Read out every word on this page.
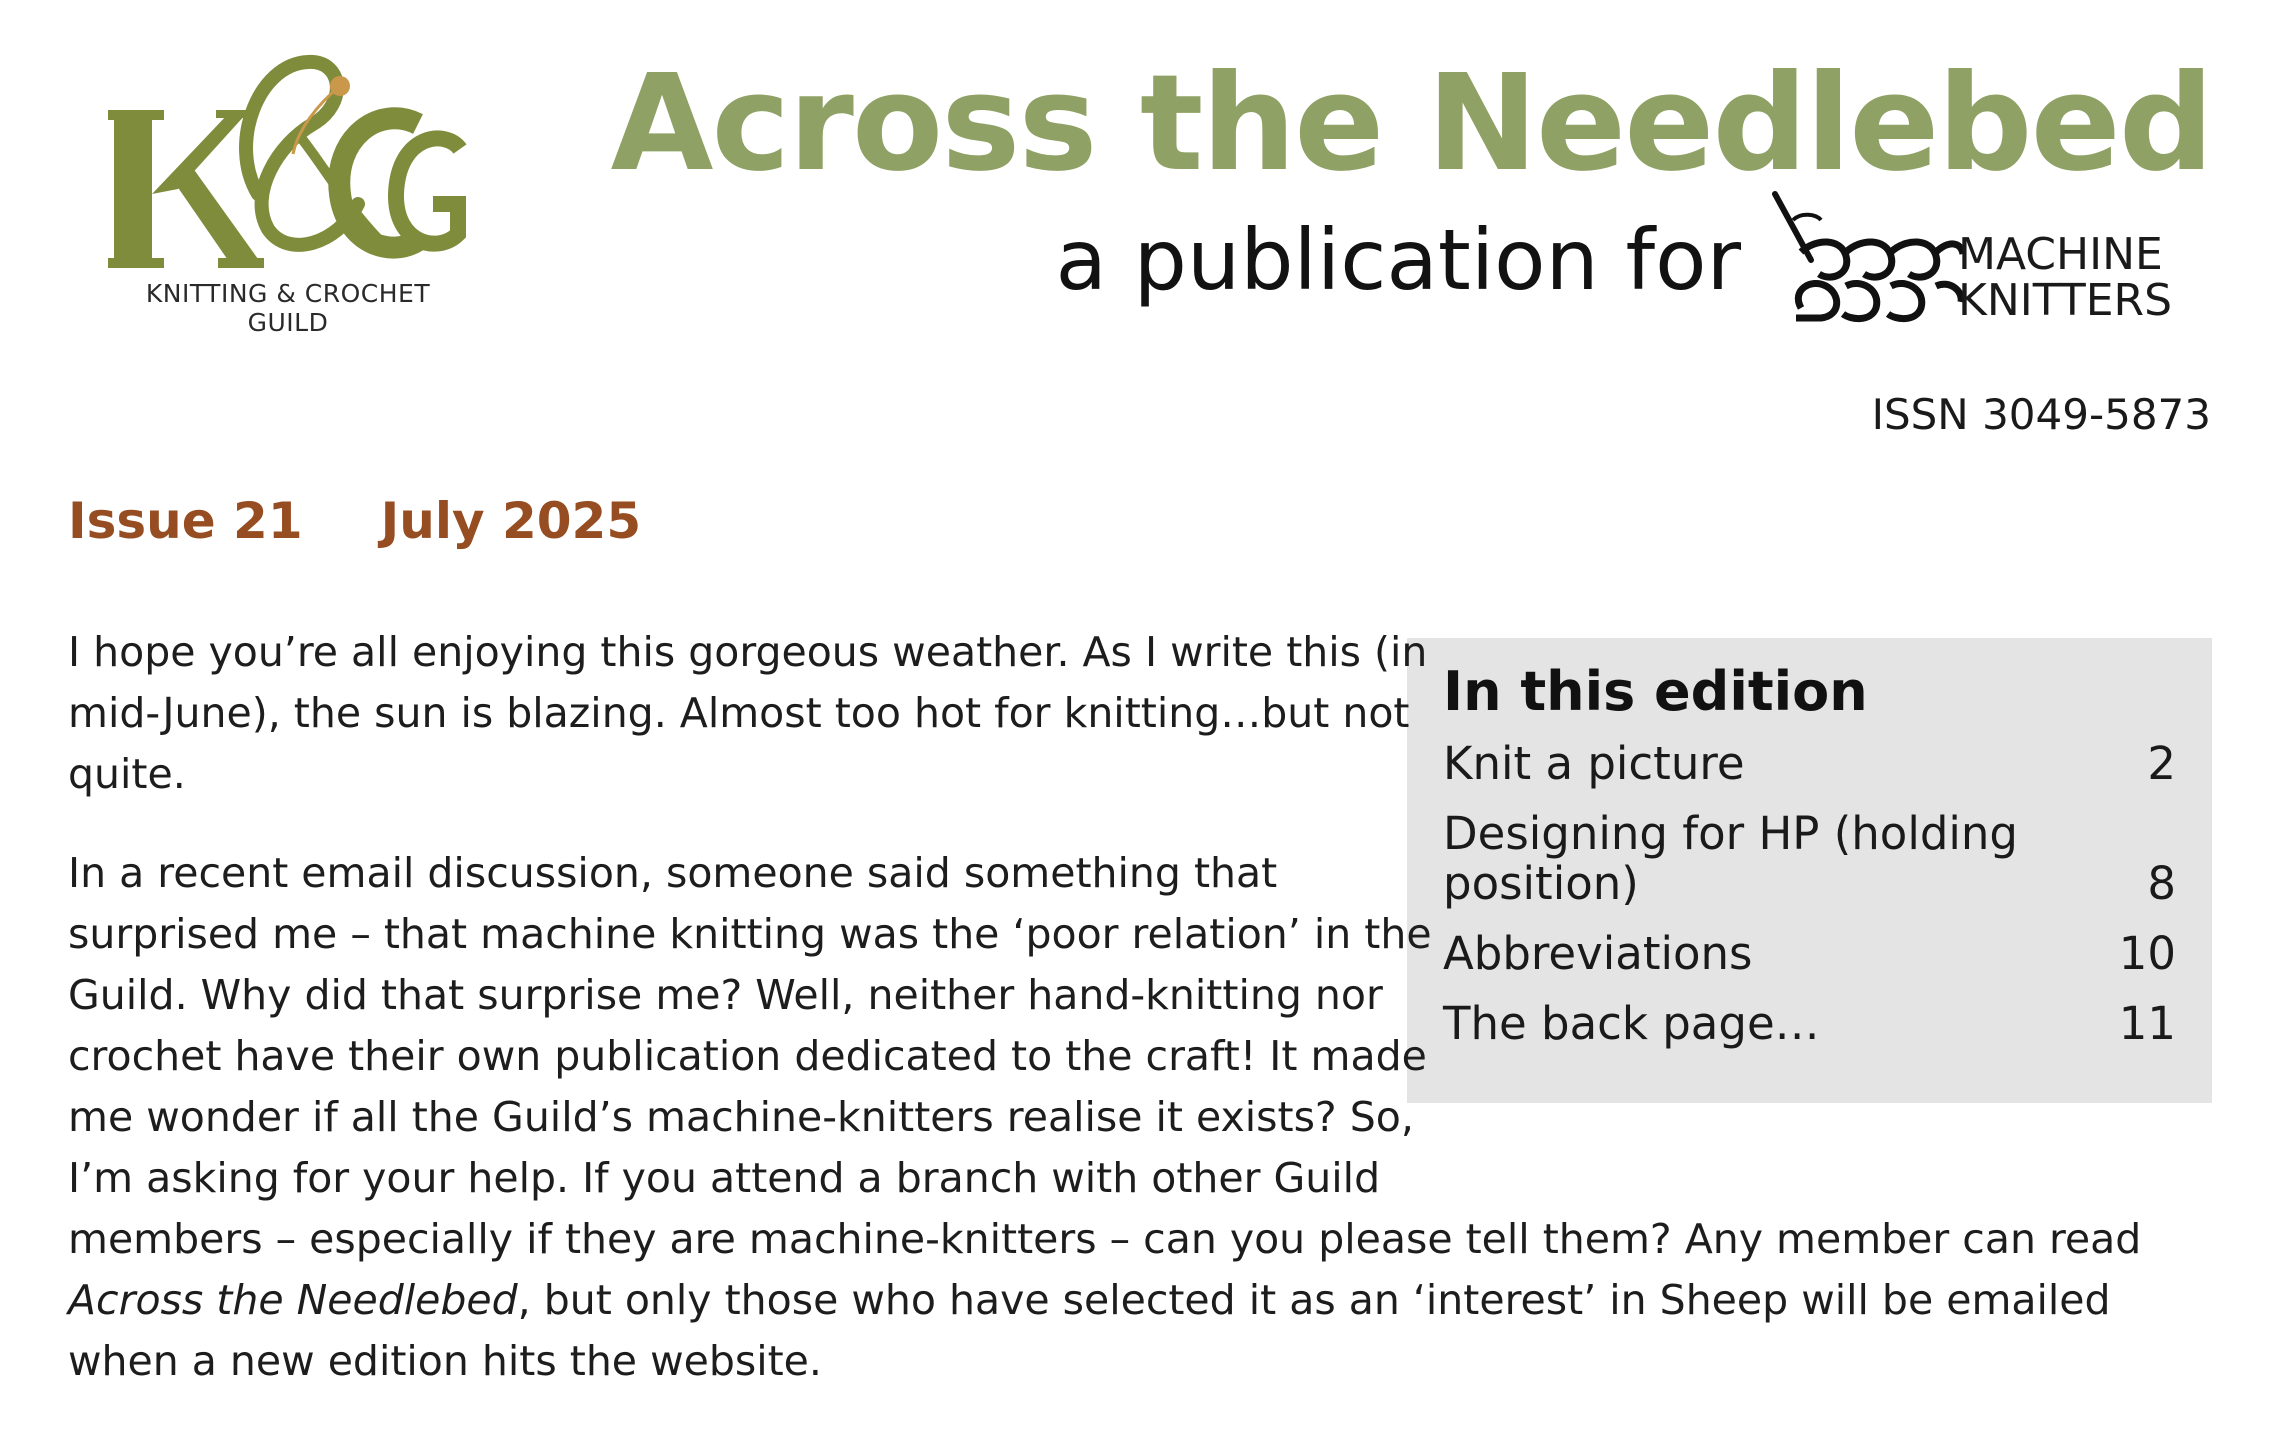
KNITTING & CROCHET GUILD
Across the Needlebed
a publication for	MACHINE
KNITTERS
ISSN 3049-5873
Issue 21 July 2025
In this edition
Knit a picture	2
Designing for HP (holding position)	8
Abbreviations	10
The back page…	11

I hope you’re all enjoying this gorgeous weather. As I write this (in mid-June), the sun is blazing. Almost too hot for knitting…but not quite.

In a recent email discussion, someone said something that surprised me – that machine knitting was the ‘poor relation’ in the Guild. Why did that surprise me? Well, neither hand-knitting nor crochet have their own publication dedicated to the craft! It made me wonder if all the Guild’s machine-knitters realise it exists? So, I’m asking for your help. If you attend a branch with other Guild members – especially if they are machine-knitters – can you please tell them? Any member can read Across the Needlebed, but only those who have selected it as an ‘interest’ in Sheep will be emailed when a new edition hits the website.
